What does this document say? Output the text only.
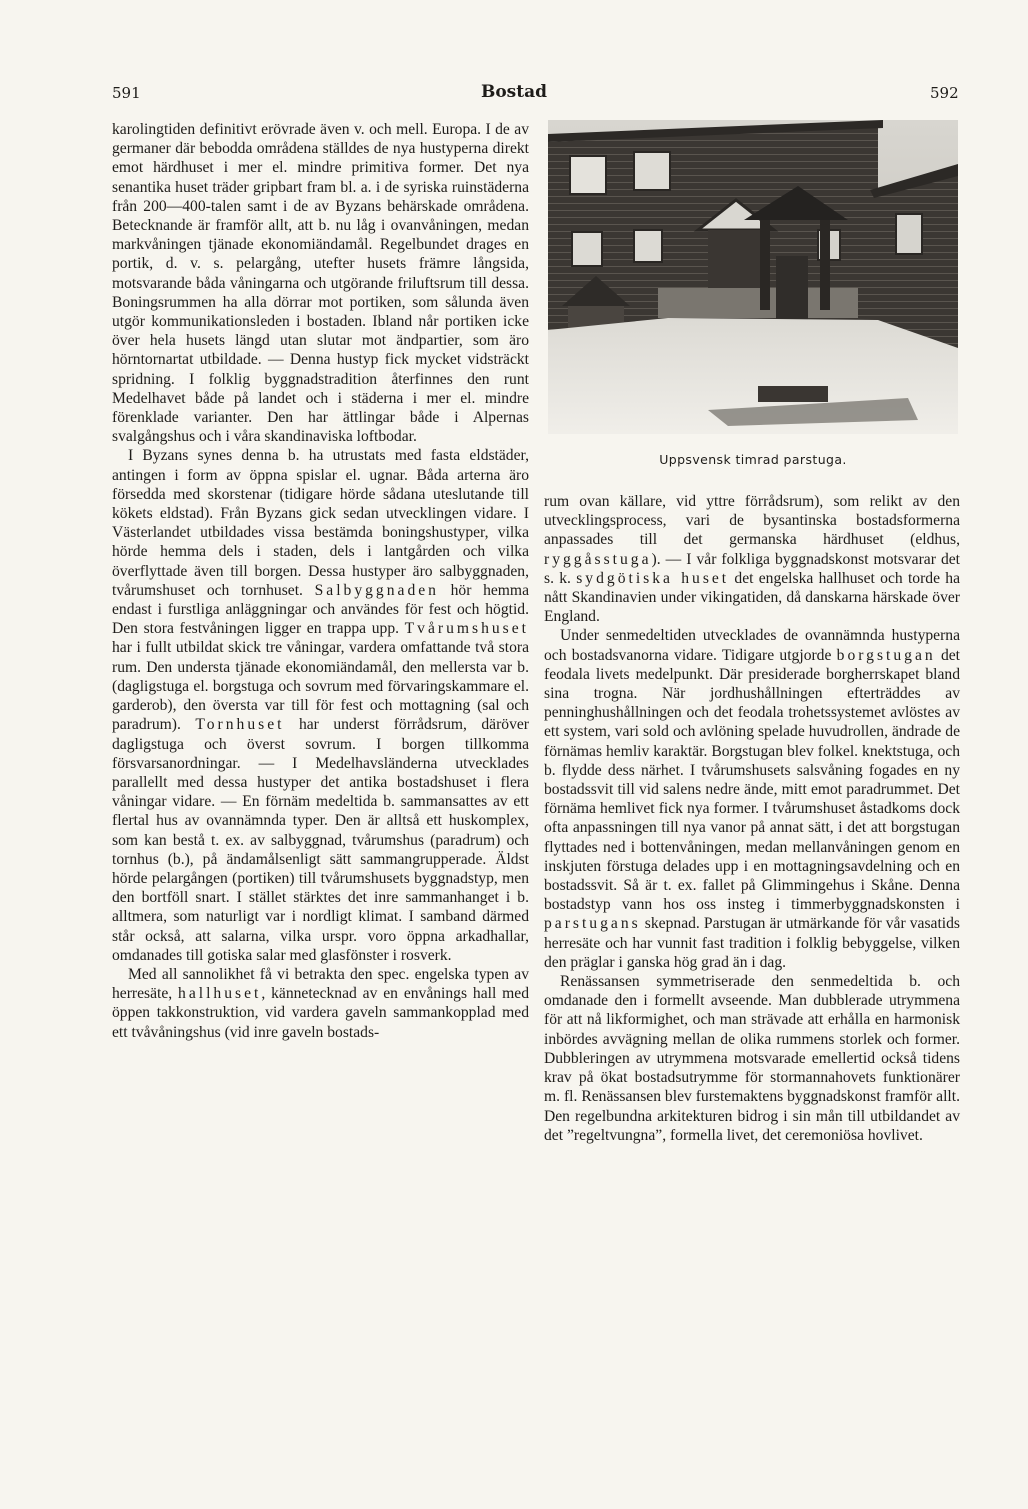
591	Bostad	592

karolingtiden definitivt erövrade även v. och mell. Europa. I de av germaner där bebodda områdena ställdes de nya hustyperna direkt emot härdhuset i mer el. mindre primitiva former. Det nya senantika huset träder gripbart fram bl. a. i de syriska ruinstäderna från 200—400-talen samt i de av Byzans behärskade områdena. Betecknande är framför allt, att b. nu låg i ovanvåningen, medan markvåningen tjänade ekonomiändamål. Regelbundet drages en portik, d. v. s. pelargång, utefter husets främre långsida, motsvarande båda våningarna och utgörande friluftsrum till dessa. Boningsrummen ha alla dörrar mot portiken, som sålunda även utgör kommunikationsleden i bostaden. Ibland når portiken icke över hela husets längd utan slutar mot ändpartier, som äro hörntornartat utbildade. — Denna hustyp fick mycket vidsträckt spridning. I folklig byggnadstradition återfinnes den runt Medelhavet både på landet och i städerna i mer el. mindre förenklade varianter. Den har ättlingar både i Alpernas svalgångshus och i våra skandinaviska loftbodar.

I Byzans synes denna b. ha utrustats med fasta eldstäder, antingen i form av öppna spislar el. ugnar. Båda arterna äro försedda med skorstenar (tidigare hörde sådana uteslutande till kökets eldstad). Från Byzans gick sedan utvecklingen vidare. I Västerlandet utbildades vissa bestämda boningshustyper, vilka hörde hemma dels i staden, dels i lantgården och vilka överflyttade även till borgen. Dessa hustyper äro salbyggnaden, tvårumshuset och tornhuset. Salbyggnaden hör hemma endast i furstliga anläggningar och användes för fest och högtid. Den stora festvåningen ligger en trappa upp. Tvårumshuset har i fullt utbildat skick tre våningar, vardera omfattande två stora rum. Den understa tjänade ekonomiändamål, den mellersta var b. (dagligstuga el. borgstuga och sovrum med förvaringskammare el. garderob), den översta var till för fest och mottagning (sal och paradrum). Tornhuset har underst förrådsrum, däröver dagligstuga och överst sovrum. I borgen tillkomma försvarsanordningar. — I Medelhavsländerna utvecklades parallellt med dessa hustyper det antika bostadshuset i flera våningar vidare. — En förnäm medeltida b. sammansattes av ett flertal hus av ovannämnda typer. Den är alltså ett huskomplex, som kan bestå t. ex. av salbyggnad, tvårumshus (paradrum) och tornhus (b.), på ändamålsenligt sätt sammangrupperade. Äldst hörde pelargången (portiken) till tvårumshusets byggnadstyp, men den bortföll snart. I stället stärktes det inre sammanhanget i b. alltmera, som naturligt var i nordligt klimat. I samband därmed står också, att salarna, vilka urspr. voro öppna arkadhallar, omdanades till gotiska salar med glasfönster i rosverk.

Med all sannolikhet få vi betrakta den spec. engelska typen av herresäte, hallhuset, kännetecknad av en envånings hall med öppen takkonstruktion, vid vardera gaveln sammankopplad med ett tvåvåningshus (vid inre gaveln bostads-

Uppsvensk timrad parstuga.

rum ovan källare, vid yttre förrådsrum), som relikt av den utvecklingsprocess, vari de bysantinska bostadsformerna anpassades till det germanska härdhuset (eldhus, ryggåsstuga). — I vår folkliga byggnadskonst motsvarar det s. k. sydgötiska huset det engelska hallhuset och torde ha nått Skandinavien under vikingatiden, då danskarna härskade över England.

Under senmedeltiden utvecklades de ovannämnda hustyperna och bostadsvanorna vidare. Tidigare utgjorde borgstugan det feodala livets medelpunkt. Där presiderade borgherrskapet bland sina trogna. När jordhushållningen efterträddes av penninghushållningen och det feodala trohetssystemet avlöstes av ett system, vari sold och avlöning spelade huvudrollen, ändrade de förnämas hemliv karaktär. Borgstugan blev folkel. knektstuga, och b. flydde dess närhet. I tvårumshusets salsvåning fogades en ny bostadssvit till vid salens nedre ände, mitt emot paradrummet. Det förnäma hemlivet fick nya former. I tvårumshuset åstadkoms dock ofta anpassningen till nya vanor på annat sätt, i det att borgstugan flyttades ned i bottenvåningen, medan mellanvåningen genom en inskjuten förstuga delades upp i en mottagningsavdelning och en bostadssvit. Så är t. ex. fallet på Glimmingehus i Skåne. Denna bostadstyp vann hos oss insteg i timmerbyggnadskonsten i parstugans skepnad. Parstugan är utmärkande för vår vasatids herresäte och har vunnit fast tradition i folklig bebyggelse, vilken den präglar i ganska hög grad än i dag.

Renässansen symmetriserade den senmedeltida b. och omdanade den i formellt avseende. Man dubblerade utrymmena för att nå likformighet, och man strävade att erhålla en harmonisk inbördes avvägning mellan de olika rummens storlek och former. Dubbleringen av utrymmena motsvarade emellertid också tidens krav på ökat bostadsutrymme för stormannahovets funktionärer m. fl. Renässansen blev furstemaktens byggnadskonst framför allt. Den regelbundna arkitekturen bidrog i sin mån till utbildandet av det ”regeltvungna”, formella livet, det ceremoniösa hovlivet.
